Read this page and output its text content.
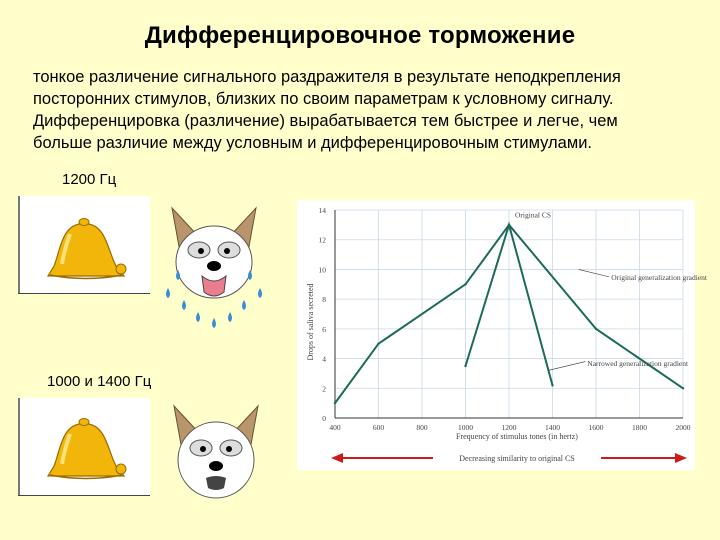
Дифференцировочное торможение
тонкое различение сигнального раздражителя в результате неподкрепления
посторонних стимулов, близких по своим параметрам к условному сигналу.
Дифференцировка (различение) вырабатывается тем быстрее и легче, чем
больше различие между условным и дифференцировочным стимулами.
1200 Гц
1000 и 1400 Гц
400	600	800	1000	1200	1400	1600	1800	2000
0
2
4
6
8
10
12
14
Drops of saliva secreted
Frequency of stimulus tones (in hertz)
Original CS
Original generalization gradient
Narrowed generalization gradient
Decreasing similarity to original CS
